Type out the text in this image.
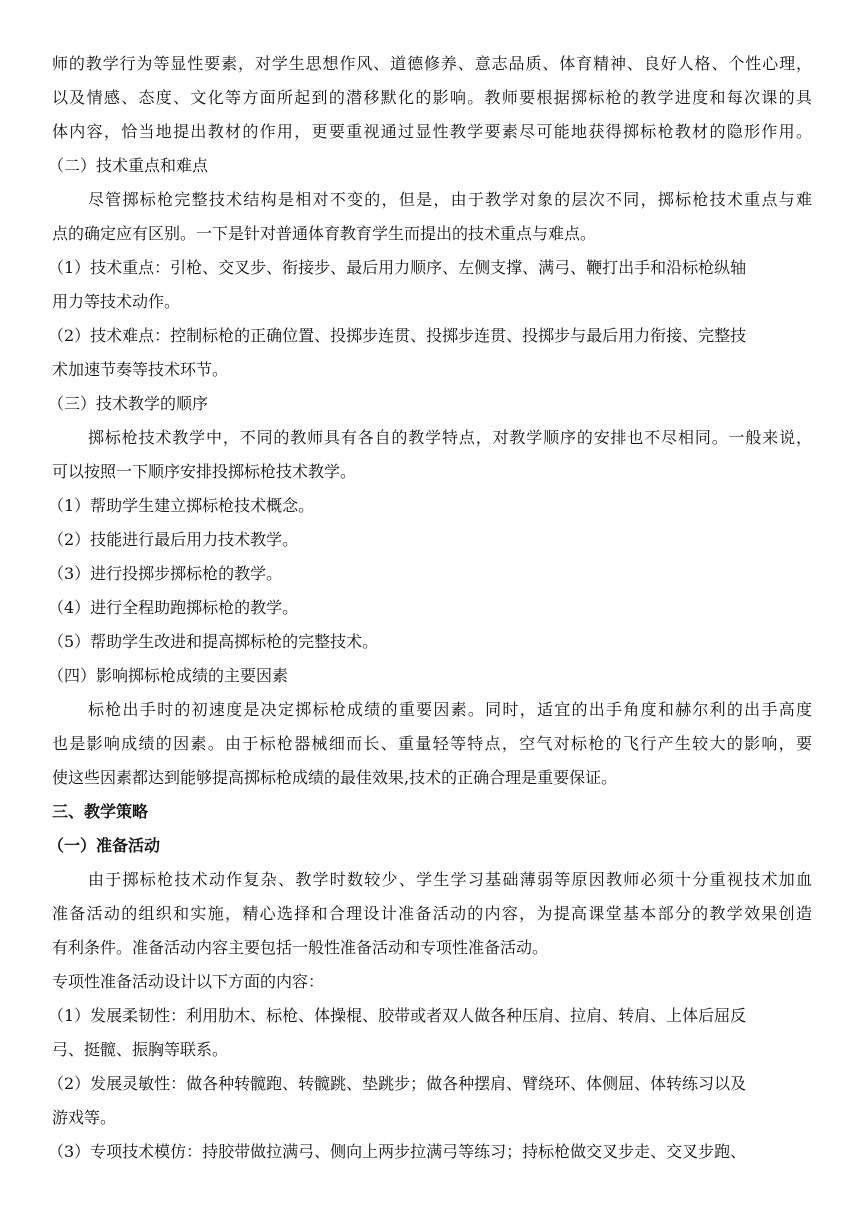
师的教学行为等显性要素，对学生思想作风、道德修养、意志品质、体育精神、良好人格、个性心理，
以及情感、态度、文化等方面所起到的潜移默化的影响。教师要根据掷标枪的教学进度和每次课的具
体内容，恰当地提出教材的作用，更要重视通过显性教学要素尽可能地获得掷标枪教材的隐形作用。
（二）技术重点和难点
尽管掷标枪完整技术结构是相对不变的，但是，由于教学对象的层次不同，掷标枪技术重点与难
点的确定应有区别。一下是针对普通体育教育学生而提出的技术重点与难点。
（1）技术重点：引枪、交叉步、衔接步、最后用力顺序、左侧支撑、满弓、鞭打出手和沿标枪纵轴
用力等技术动作。
（2）技术难点：控制标枪的正确位置、投掷步连贯、投掷步连贯、投掷步与最后用力衔接、完整技
术加速节奏等技术环节。
（三）技术教学的顺序
掷标枪技术教学中，不同的教师具有各自的教学特点，对教学顺序的安排也不尽相同。一般来说，
可以按照一下顺序安排投掷标枪技术教学。
（1）帮助学生建立掷标枪技术概念。
（2）技能进行最后用力技术教学。
（3）进行投掷步掷标枪的教学。
（4）进行全程助跑掷标枪的教学。
（5）帮助学生改进和提高掷标枪的完整技术。
（四）影响掷标枪成绩的主要因素
标枪出手时的初速度是决定掷标枪成绩的重要因素。同时，适宜的出手角度和赫尔利的出手高度
也是影响成绩的因素。由于标枪器械细而长、重量轻等特点，空气对标枪的飞行产生较大的影响，要
使这些因素都达到能够提高掷标枪成绩的最佳效果,技术的正确合理是重要保证。
三、教学策略
（一）准备活动
由于掷标枪技术动作复杂、教学时数较少、学生学习基础薄弱等原因教师必须十分重视技术加血
准备活动的组织和实施，精心选择和合理设计准备活动的内容，为提高课堂基本部分的教学效果创造
有利条件。准备活动内容主要包括一般性准备活动和专项性准备活动。
专项性准备活动设计以下方面的内容：
（1）发展柔韧性：利用肋木、标枪、体操棍、胶带或者双人做各种压肩、拉肩、转肩、上体后屈反
弓、挺髋、振胸等联系。
（2）发展灵敏性：做各种转髋跑、转髋跳、垫跳步；做各种摆肩、臂绕环、体侧屈、体转练习以及
游戏等。
（3）专项技术模仿：持胶带做拉满弓、侧向上两步拉满弓等练习；持标枪做交叉步走、交叉步跑、
